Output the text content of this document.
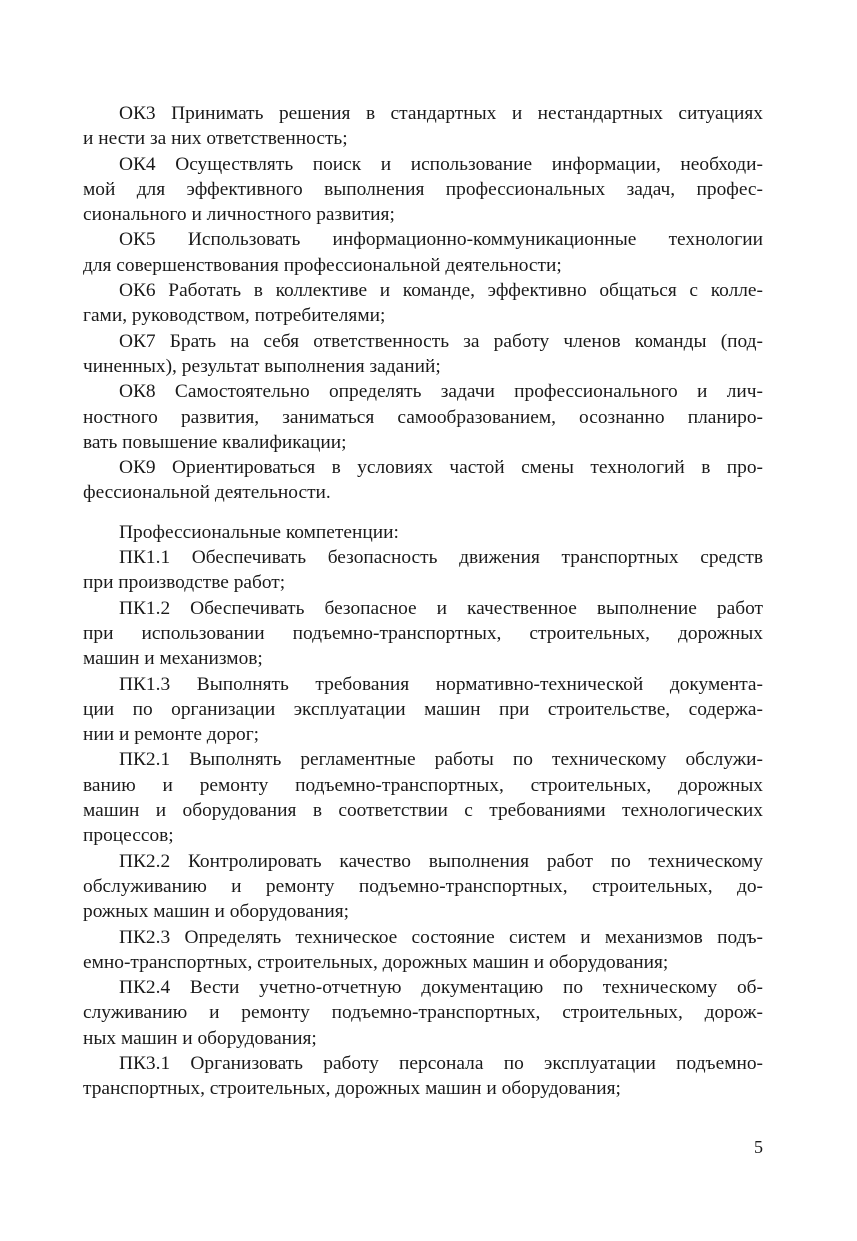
ОК3 Принимать решения в стандартных и нестандартных ситуациях
и нести за них ответственность;
ОК4 Осуществлять поиск и использование информации, необходи-
мой для эффективного выполнения профессиональных задач, профес-
сионального и личностного развития;
ОК5 Использовать информационно-коммуникационные технологии
для совершенствования профессиональной деятельности;
ОК6 Работать в коллективе и команде, эффективно общаться с колле-
гами, руководством, потребителями;
ОК7 Брать на себя ответственность за работу членов команды (под-
чиненных), результат выполнения заданий;
ОК8 Самостоятельно определять задачи профессионального и лич-
ностного развития, заниматься самообразованием, осознанно планиро-
вать повышение квалификации;
ОК9 Ориентироваться в условиях частой смены технологий в про-
фессиональной деятельности.
Профессиональные компетенции:
ПК1.1 Обеспечивать безопасность движения транспортных средств
при производстве работ;
ПК1.2 Обеспечивать безопасное и качественное выполнение работ
при использовании подъемно-транспортных, строительных, дорожных
машин и механизмов;
ПК1.3 Выполнять требования нормативно-технической документа-
ции по организации эксплуатации машин при строительстве, содержа-
нии и ремонте дорог;
ПК2.1 Выполнять регламентные работы по техническому обслужи-
ванию и ремонту подъемно-транспортных, строительных, дорожных
машин и оборудования в соответствии с требованиями технологических
процессов;
ПК2.2 Контролировать качество выполнения работ по техническому
обслуживанию и ремонту подъемно-транспортных, строительных, до-
рожных машин и оборудования;
ПК2.3 Определять техническое состояние систем и механизмов подъ-
емно-транспортных, строительных, дорожных машин и оборудования;
ПК2.4 Вести учетно-отчетную документацию по техническому об-
служиванию и ремонту подъемно-транспортных, строительных, дорож-
ных машин и оборудования;
ПК3.1 Организовать работу персонала по эксплуатации подъемно-
транспортных, строительных, дорожных машин и оборудования;
5
